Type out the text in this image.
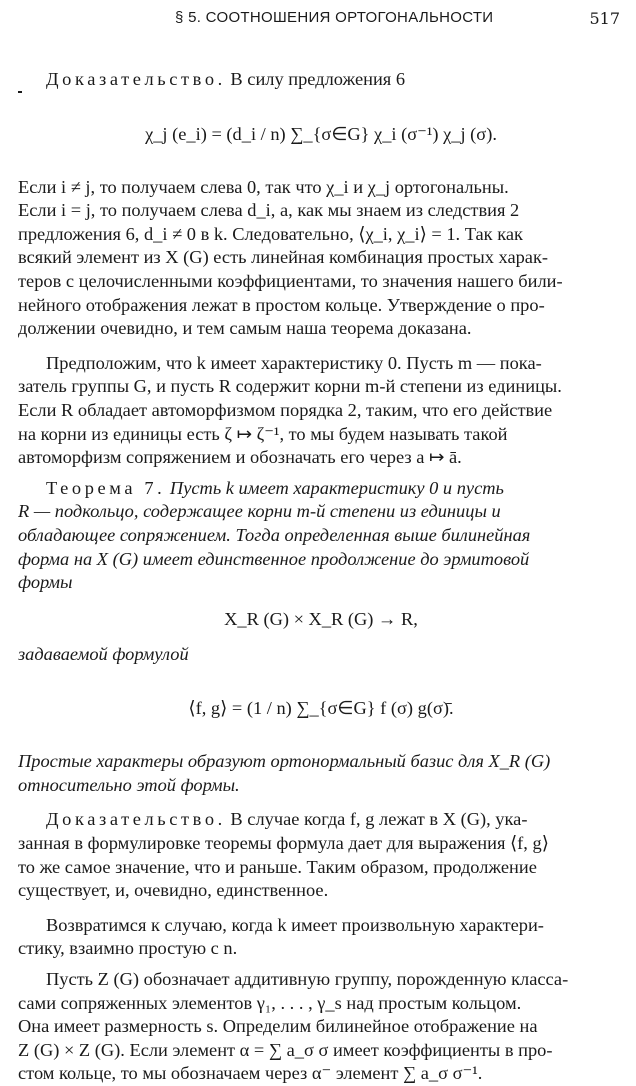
§ 5. СООТНОШЕНИЯ ОРТОГОНАЛЬНОСТИ	517
Доказательство. В силу предложения 6
χ_j (e_i) = (d_i / n) ∑_{σ∈G} χ_i (σ⁻¹) χ_j (σ).
Если i ≠ j, то получаем слева 0, так что χ_i и χ_j ортогональны.
Если i = j, то получаем слева d_i, а, как мы знаем из следствия 2
предложения 6, d_i ≠ 0 в k. Следовательно, ⟨χ_i, χ_i⟩ = 1. Так как
всякий элемент из X (G) есть линейная комбинация простых харак-
теров с целочисленными коэффициентами, то значения нашего били-
нейного отображения лежат в простом кольце. Утверждение о про-
должении очевидно, и тем самым наша теорема доказана.
Предположим, что k имеет характеристику 0. Пусть m — пока-
затель группы G, и пусть R содержит корни m-й степени из единицы.
Если R обладает автоморфизмом порядка 2, таким, что его действие
на корни из единицы есть ζ ↦ ζ⁻¹, то мы будем называть такой
автоморфизм сопряжением и обозначать его через a ↦ ā.
Теорема 7. Пусть k имеет характеристику 0 и пусть
R — подкольцо, содержащее корни m-й степени из единицы и
обладающее сопряжением. Тогда определенная выше билинейная
форма на X (G) имеет единственное продолжение до эрмитовой
формы
X_R (G) × X_R (G) → R,
задаваемой формулой
⟨f, g⟩ = (1 / n) ∑_{σ∈G} f (σ) g(σ)̄.
Простые характеры образуют ортонормальный базис для X_R (G)
относительно этой формы.
Доказательство. В случае когда f, g лежат в X (G), ука-
занная в формулировке теоремы формула дает для выражения ⟨f, g⟩
то же самое значение, что и раньше. Таким образом, продолжение
существует, и, очевидно, единственное.
Возвратимся к случаю, когда k имеет произвольную характери-
стику, взаимно простую с n.
Пусть Z (G) обозначает аддитивную группу, порожденную класса-
сами сопряженных элементов γ₁, . . . , γ_s над простым кольцом.
Она имеет размерность s. Определим билинейное отображение на
Z (G) × Z (G). Если элемент α = ∑ a_σ σ имеет коэффициенты в про-
стом кольце, то мы обозначаем через α⁻ элемент ∑ a_σ σ⁻¹.
